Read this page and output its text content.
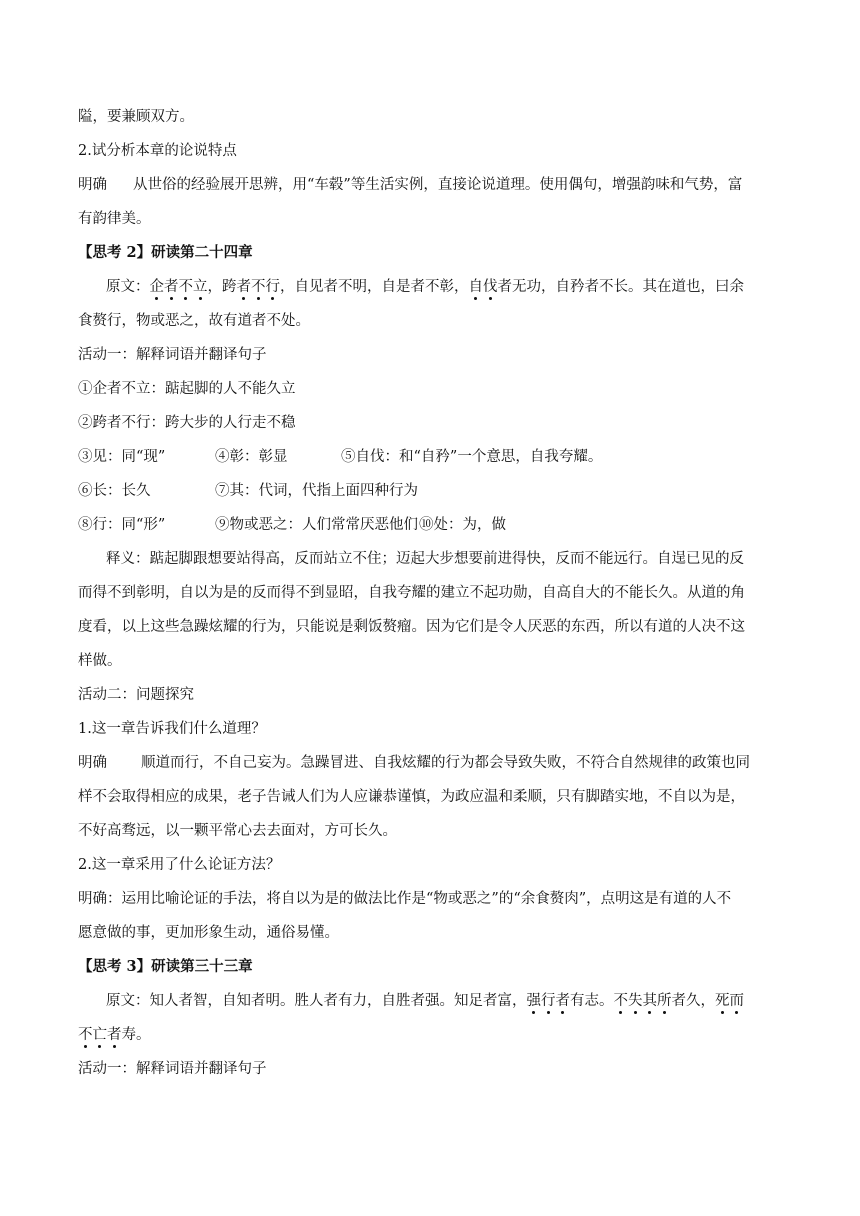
隘，要兼顾双方。
2.试分析本章的论说特点
明确 从世俗的经验展开思辨，用“车毂”等生活实例，直接论说道理。使用偶句，增强韵味和气势，富
有韵律美。
【思考 2】研读第二十四章
原文：企者不立，跨者不行，自见者不明，自是者不彰，自伐者无功，自矜者不长。其在道也，曰余
食赘行，物或恶之，故有道者不处。
活动一：解释词语并翻译句子
①企者不立：踮起脚的人不能久立
②跨者不行：跨大步的人行走不稳
③见：同“现”	④彰：彰显	⑤自伐：和“自矜”一个意思，自我夸耀。
⑥长：长久	⑦其：代词，代指上面四种行为
⑧行：同“形”	⑨物或恶之：人们常常厌恶他们⑩处：为，做
释义：踮起脚跟想要站得高，反而站立不住；迈起大步想要前进得快，反而不能远行。自逞已见的反
而得不到彰明，自以为是的反而得不到显昭，自我夸耀的建立不起功勋，自高自大的不能长久。从道的角
度看，以上这些急躁炫耀的行为，只能说是剩饭赘瘤。因为它们是令人厌恶的东西，所以有道的人决不这
样做。
活动二：问题探究
1.这一章告诉我们什么道理？
明确 顺道而行，不自己妄为。急躁冒进、自我炫耀的行为都会导致失败，不符合自然规律的政策也同
样不会取得相应的成果，老子告诫人们为人应谦恭谨慎，为政应温和柔顺，只有脚踏实地，不自以为是，
不好高骛远，以一颗平常心去去面对，方可长久。
2.这一章采用了什么论证方法？
明确：运用比喻论证的手法，将自以为是的做法比作是“物或恶之”的“余食赘肉”，点明这是有道的人不
愿意做的事，更加形象生动，通俗易懂。
【思考 3】研读第三十三章
原文：知人者智，自知者明。胜人者有力，自胜者强。知足者富，强行者有志。不失其所者久，死而
不亡者寿。
活动一：解释词语并翻译句子
